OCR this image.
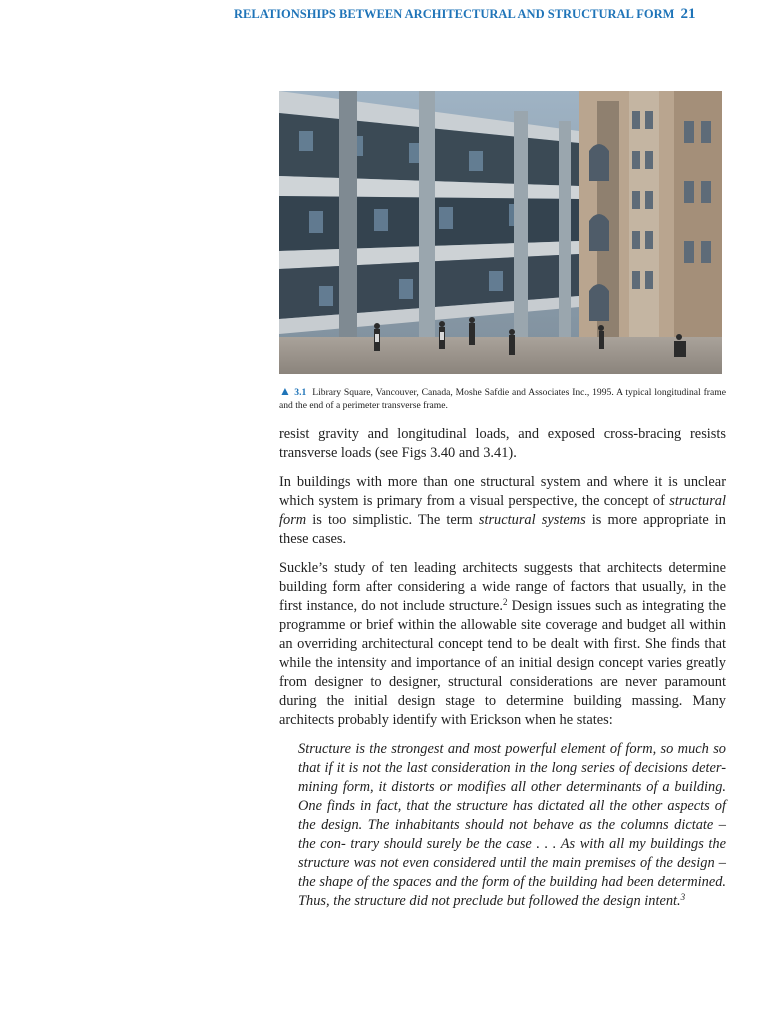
RELATIONSHIPS BETWEEN ARCHITECTURAL AND STRUCTURAL FORM 21
▲ 3.1 Library Square, Vancouver, Canada, Moshe Safdie and Associates Inc., 1995. A typical longitudinal frame and the end of a perimeter transverse frame.

resist gravity and longitudinal loads, and exposed cross-bracing resists transverse loads (see Figs 3.40 and 3.41).

In buildings with more than one structural system and where it is unclear which system is primary from a visual perspective, the concept of structural form is too simplistic. The term structural systems is more appropriate in these cases.

Suckle’s study of ten leading architects suggests that architects determine building form after considering a wide range of factors that usually, in the first instance, do not include structure.$^2$ Design issues such as integrating the programme or brief within the allowable site coverage and budget all within an overriding architectural concept tend to be dealt with first. She finds that while the intensity and importance of an initial design concept varies greatly from designer to designer, structural considerations are never paramount during the initial design stage to determine building massing. Many architects probably identify with Erickson when he states:

Structure is the strongest and most powerful element of form, so much so that if it is not the last consideration in the long series of decisions deter- mining form, it distorts or modifies all other determinants of a building. One finds in fact, that the structure has dictated all the other aspects of the design. The inhabitants should not behave as the columns dictate – the con- trary should surely be the case . . . As with all my buildings the structure was not even considered until the main premises of the design – the shape of the spaces and the form of the building had been determined. Thus, the structure did not preclude but followed the design intent.$^3$
